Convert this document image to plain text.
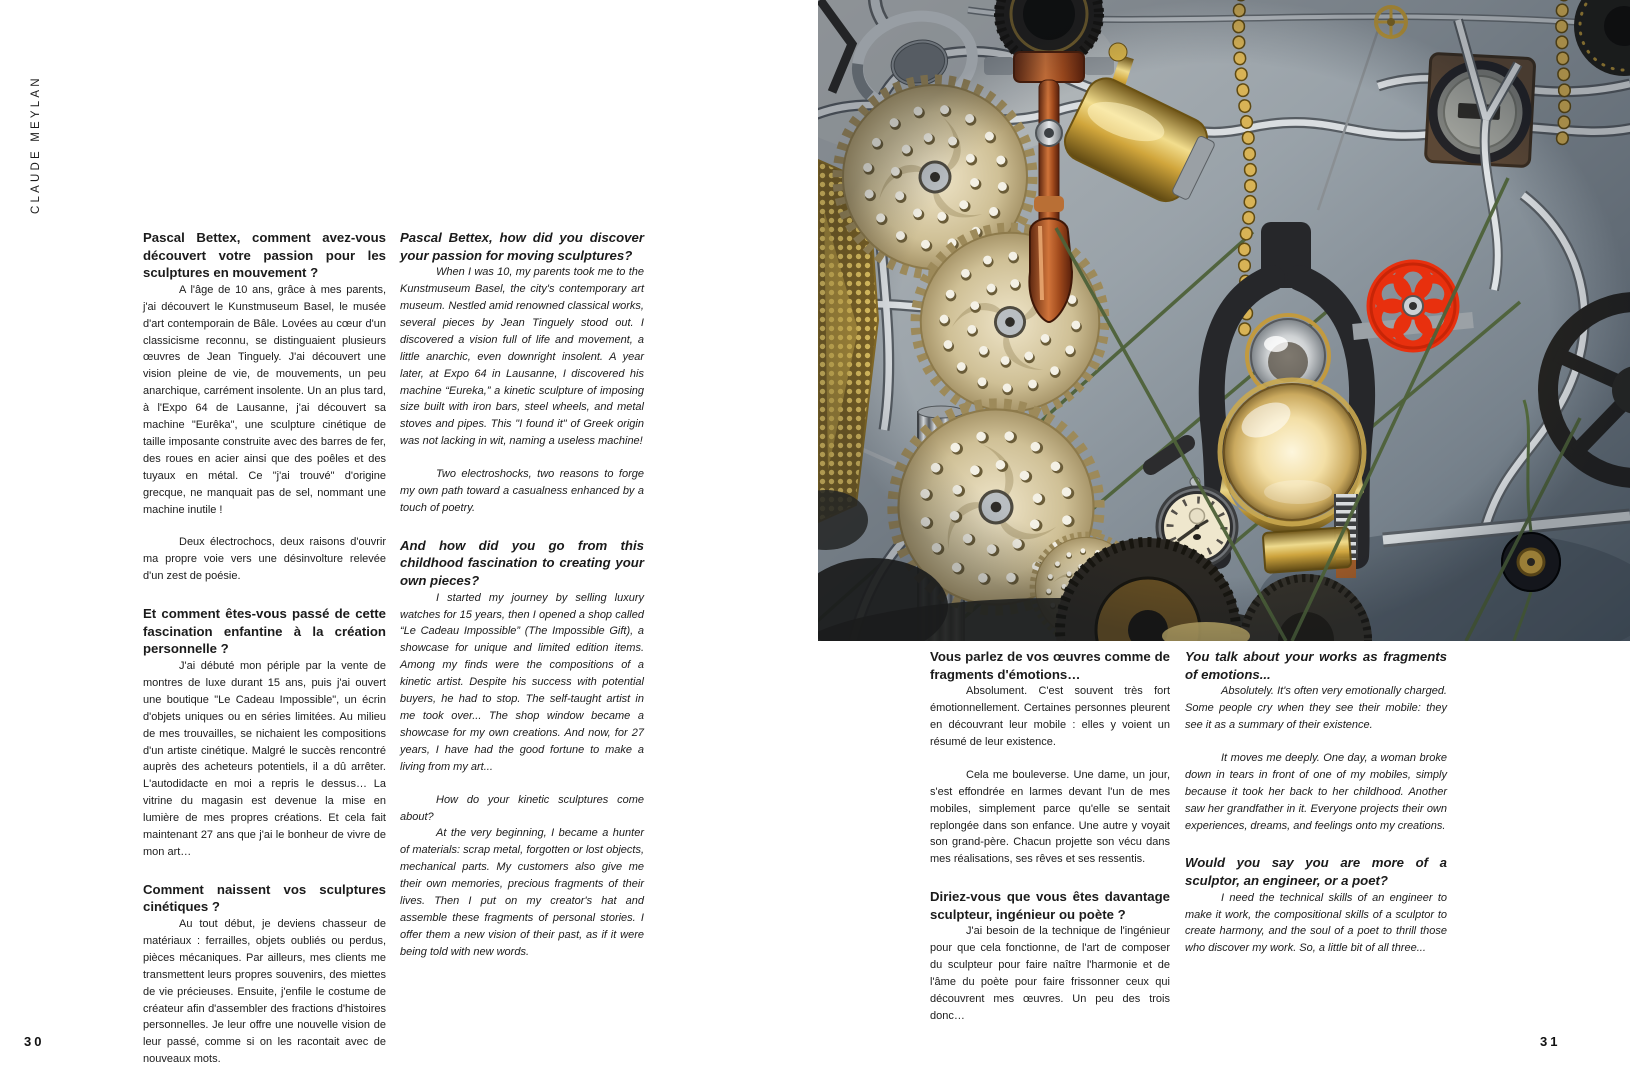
CLAUDE MEYLAN
Pascal Bettex, comment avez-vous découvert votre passion pour les sculptures en mouvement ?

A l'âge de 10 ans, grâce à mes parents, j'ai découvert le Kunstmuseum Basel, le musée d'art contemporain de Bâle. Lovées au cœur d'un classicisme reconnu, se distinguaient plusieurs œuvres de Jean Tinguely. J'ai découvert une vision pleine de vie, de mouvements, un peu anarchique, carrément insolente. Un an plus tard, à l'Expo 64 de Lausanne, j'ai découvert sa machine "Eurêka", une sculpture cinétique de taille imposante construite avec des barres de fer, des roues en acier ainsi que des poêles et des tuyaux en métal. Ce "j'ai trouvé" d'origine grecque, ne manquait pas de sel, nommant une machine inutile !

Deux électrochocs, deux raisons d'ouvrir ma propre voie vers une désinvolture relevée d'un zest de poésie.

Et comment êtes-vous passé de cette fascination enfantine à la création personnelle ?

J'ai débuté mon périple par la vente de montres de luxe durant 15 ans, puis j'ai ouvert une boutique "Le Cadeau Impossible", un écrin d'objets uniques ou en séries limitées. Au milieu de mes trouvailles, se nichaient les compositions d'un artiste cinétique. Malgré le succès rencontré auprès des acheteurs potentiels, il a dû arrêter. L'autodidacte en moi a repris le dessus… La vitrine du magasin est devenue la mise en lumière de mes propres créations. Et cela fait maintenant 27 ans que j'ai le bonheur de vivre de mon art…

Comment naissent vos sculptures cinétiques ?

Au tout début, je deviens chasseur de matériaux : ferrailles, objets oubliés ou perdus, pièces mécaniques. Par ailleurs, mes clients me transmettent leurs propres souvenirs, des miettes de vie précieuses. Ensuite, j'enfile le costume de créateur afin d'assembler des fractions d'histoires personnelles. Je leur offre une nouvelle vision de leur passé, comme si on les racontait avec de nouveaux mots.

Pascal Bettex, how did you discover your passion for moving sculptures?

When I was 10, my parents took me to the Kunstmuseum Basel, the city's contemporary art museum. Nestled amid renowned classical works, several pieces by Jean Tinguely stood out. I discovered a vision full of life and movement, a little anarchic, even downright insolent. A year later, at Expo 64 in Lausanne, I discovered his machine “Eureka,” a kinetic sculpture of imposing size built with iron bars, steel wheels, and metal stoves and pipes. This "I found it" of Greek origin was not lacking in wit, naming a useless machine!

Two electroshocks, two reasons to forge my own path toward a casualness enhanced by a touch of poetry.

And how did you go from this childhood fascination to creating your own pieces?

I started my journey by selling luxury watches for 15 years, then I opened a shop called “Le Cadeau Impossible” (The Impossible Gift), a showcase for unique and limited edition items. Among my finds were the compositions of a kinetic artist. Despite his success with potential buyers, he had to stop. The self-taught artist in me took over... The shop window became a showcase for my own creations. And now, for 27 years, I have had the good fortune to make a living from my art...

How do your kinetic sculptures come about?

At the very beginning, I became a hunter of materials: scrap metal, forgotten or lost objects, mechanical parts. My customers also give me their own memories, precious fragments of their lives. Then I put on my creator's hat and assemble these fragments of personal stories. I offer them a new vision of their past, as if it were being told with new words.

Vous parlez de vos œuvres comme de fragments d'émotions…

Absolument. C'est souvent très fort émotionnellement. Certaines personnes pleurent en découvrant leur mobile : elles y voient un résumé de leur existence.

Cela me bouleverse. Une dame, un jour, s'est effondrée en larmes devant l'un de mes mobiles, simplement parce qu'elle se sentait replongée dans son enfance. Une autre y voyait son grand-père. Chacun projette son vécu dans mes réalisations, ses rêves et ses ressentis.

Diriez-vous que vous êtes davantage sculpteur, ingénieur ou poète ?

J'ai besoin de la technique de l'ingénieur pour que cela fonctionne, de l'art de composer du sculpteur pour faire naître l'harmonie et de l'âme du poète pour faire frissonner ceux qui découvrent mes œuvres. Un peu des trois donc…

You talk about your works as fragments of emotions...

Absolutely. It's often very emotionally charged. Some people cry when they see their mobile: they see it as a summary of their existence.

It moves me deeply. One day, a woman broke down in tears in front of one of my mobiles, simply because it took her back to her childhood. Another saw her grandfather in it. Everyone projects their own experiences, dreams, and feelings onto my creations.

Would you say you are more of a sculptor, an engineer, or a poet?

I need the technical skills of an engineer to make it work, the compositional skills of a sculptor to create harmony, and the soul of a poet to thrill those who discover my work. So, a little bit of all three...

30	31
